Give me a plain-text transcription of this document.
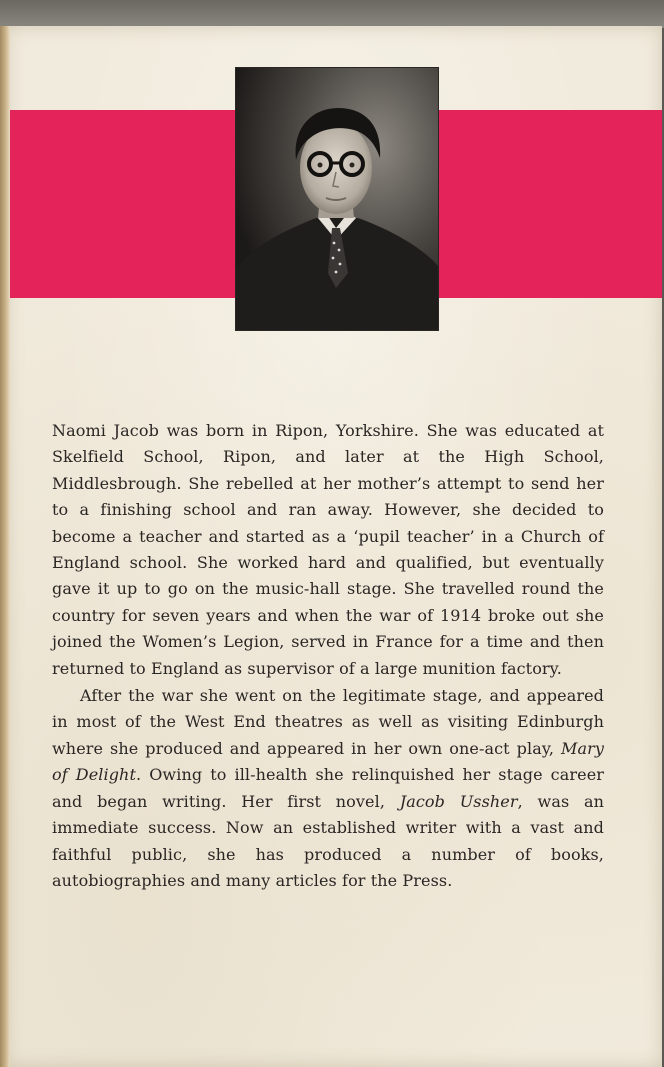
Naomi Jacob was born in Ripon, Yorkshire. She was educated at Skelfield School, Ripon, and later at the High School, Middlesbrough. She rebelled at her mother’s attempt to send her to a finishing school and ran away. However, she decided to become a teacher and started as a ‘pupil teacher’ in a Church of England school. She worked hard and qualified, but eventually gave it up to go on the music-hall stage. She travelled round the country for seven years and when the war of 1914 broke out she joined the Women’s Legion, served in France for a time and then returned to England as supervisor of a large munition factory.

After the war she went on the legitimate stage, and appeared in most of the West End theatres as well as visiting Edinburgh where she produced and appeared in her own one-act play, Mary of Delight. Owing to ill-health she relinquished her stage career and began writing. Her first novel, Jacob Ussher, was an immediate success. Now an established writer with a vast and faithful public, she has produced a number of books, autobiographies and many articles for the Press.
